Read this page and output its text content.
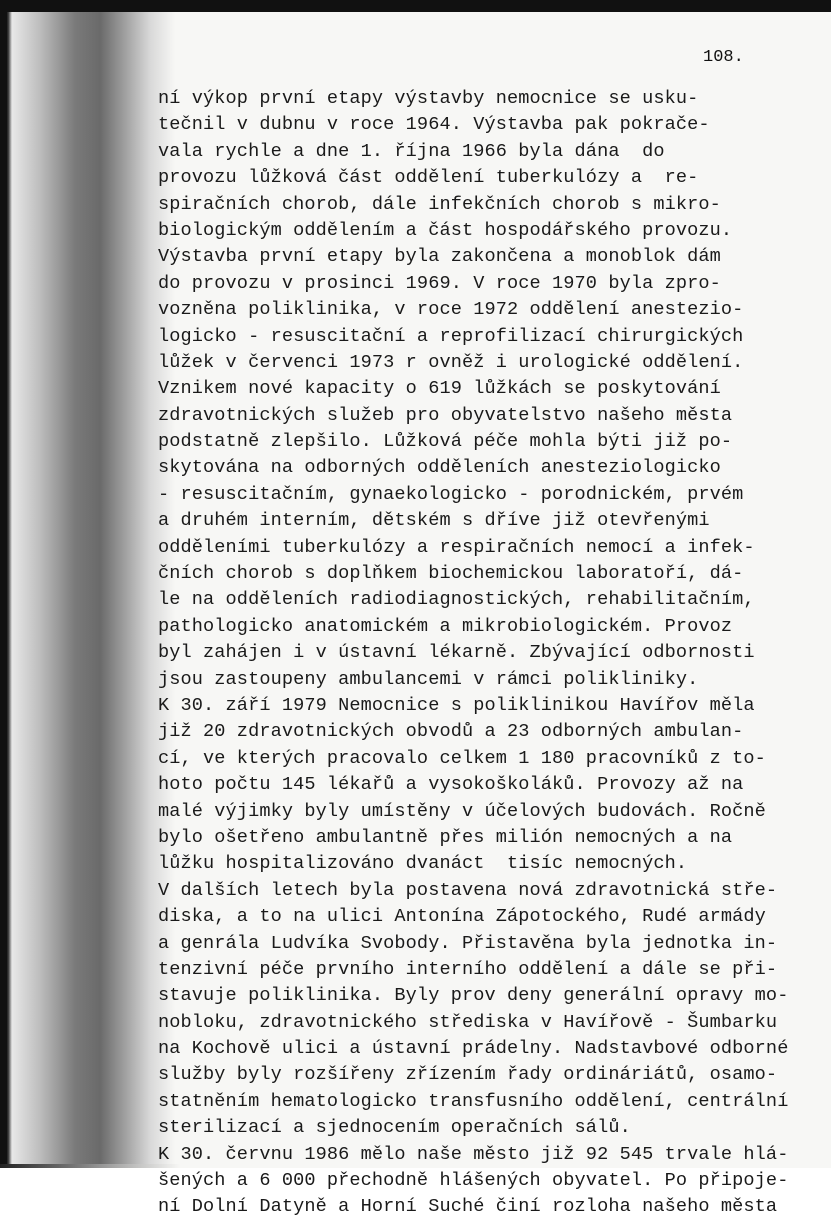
108.
ní výkop první etapy výstavby nemocnice se usku-
tečnil v dubnu v roce 1964. Výstavba pak pokrače-
vala rychle a dne 1. října 1966 byla dána  do
provozu lůžková část oddělení tuberkulózy a  re-
spiračních chorob, dále infekčních chorob s mikro-
biologickým oddělením a část hospodářského provozu.
Výstavba první etapy byla zakončena a monoblok dám
do provozu v prosinci 1969. V roce 1970 byla zpro-
vozněna poliklinika, v roce 1972 oddělení anestezio-
logicko - resuscitační a reprofilizací chirurgických
lůžek v červenci 1973 r ovněž i urologické oddělení.
Vznikem nové kapacity o 619 lůžkách se poskytování
zdravotnických služeb pro obyvatelstvo našeho města
podstatně zlepšilo. Lůžková péče mohla býti již po-
skytována na odborných odděleních anesteziologicko
- resuscitačním, gynaekologicko - porodnickém, prvém
a druhém interním, dětském s dříve již otevřenými
odděleními tuberkulózy a respiračních nemocí a infek-
čních chorob s doplňkem biochemickou laboratoří, dá-
le na odděleních radiodiagnostických, rehabilitačním,
pathologicko anatomickém a mikrobiologickém. Provoz
byl zahájen i v ústavní lékarně. Zbývající odbornosti
jsou zastoupeny ambulancemi v rámci polikliniky.
K 30. září 1979 Nemocnice s poliklinikou Havířov měla
již 20 zdravotnických obvodů a 23 odborných ambulan-
cí, ve kterých pracovalo celkem 1 180 pracovníků z to-
hoto počtu 145 lékařů a vysokoškoláků. Provozy až na
malé výjimky byly umístěny v účelových budovách. Ročně
bylo ošetřeno ambulantně přes milión nemocných a na
lůžku hospitalizováno dvanáct  tisíc nemocných.
V dalších letech byla postavena nová zdravotnická stře-
diska, a to na ulici Antonína Zápotockého, Rudé armády
a genrála Ludvíka Svobody. Přistavěna byla jednotka in-
tenzivní péče prvního interního oddělení a dále se při-
stavuje poliklinika. Byly prov deny generální opravy mo-
nobloku, zdravotnického střediska v Havířově - Šumbarku
na Kochově ulici a ústavní prádelny. Nadstavbové odborné
služby byly rozšířeny zřízením řady ordináriátů, osamo-
statněním hematologicko transfusního oddělení, centrální
sterilizací a sjednocením operačních sálů.
K 30. červnu 1986 mělo naše město již 92 545 trvale hlá-
šených a 6 000 přechodně hlášených obyvatel. Po připoje-
ní Dolní Datyně a Horní Suché činí rozloha našeho města
